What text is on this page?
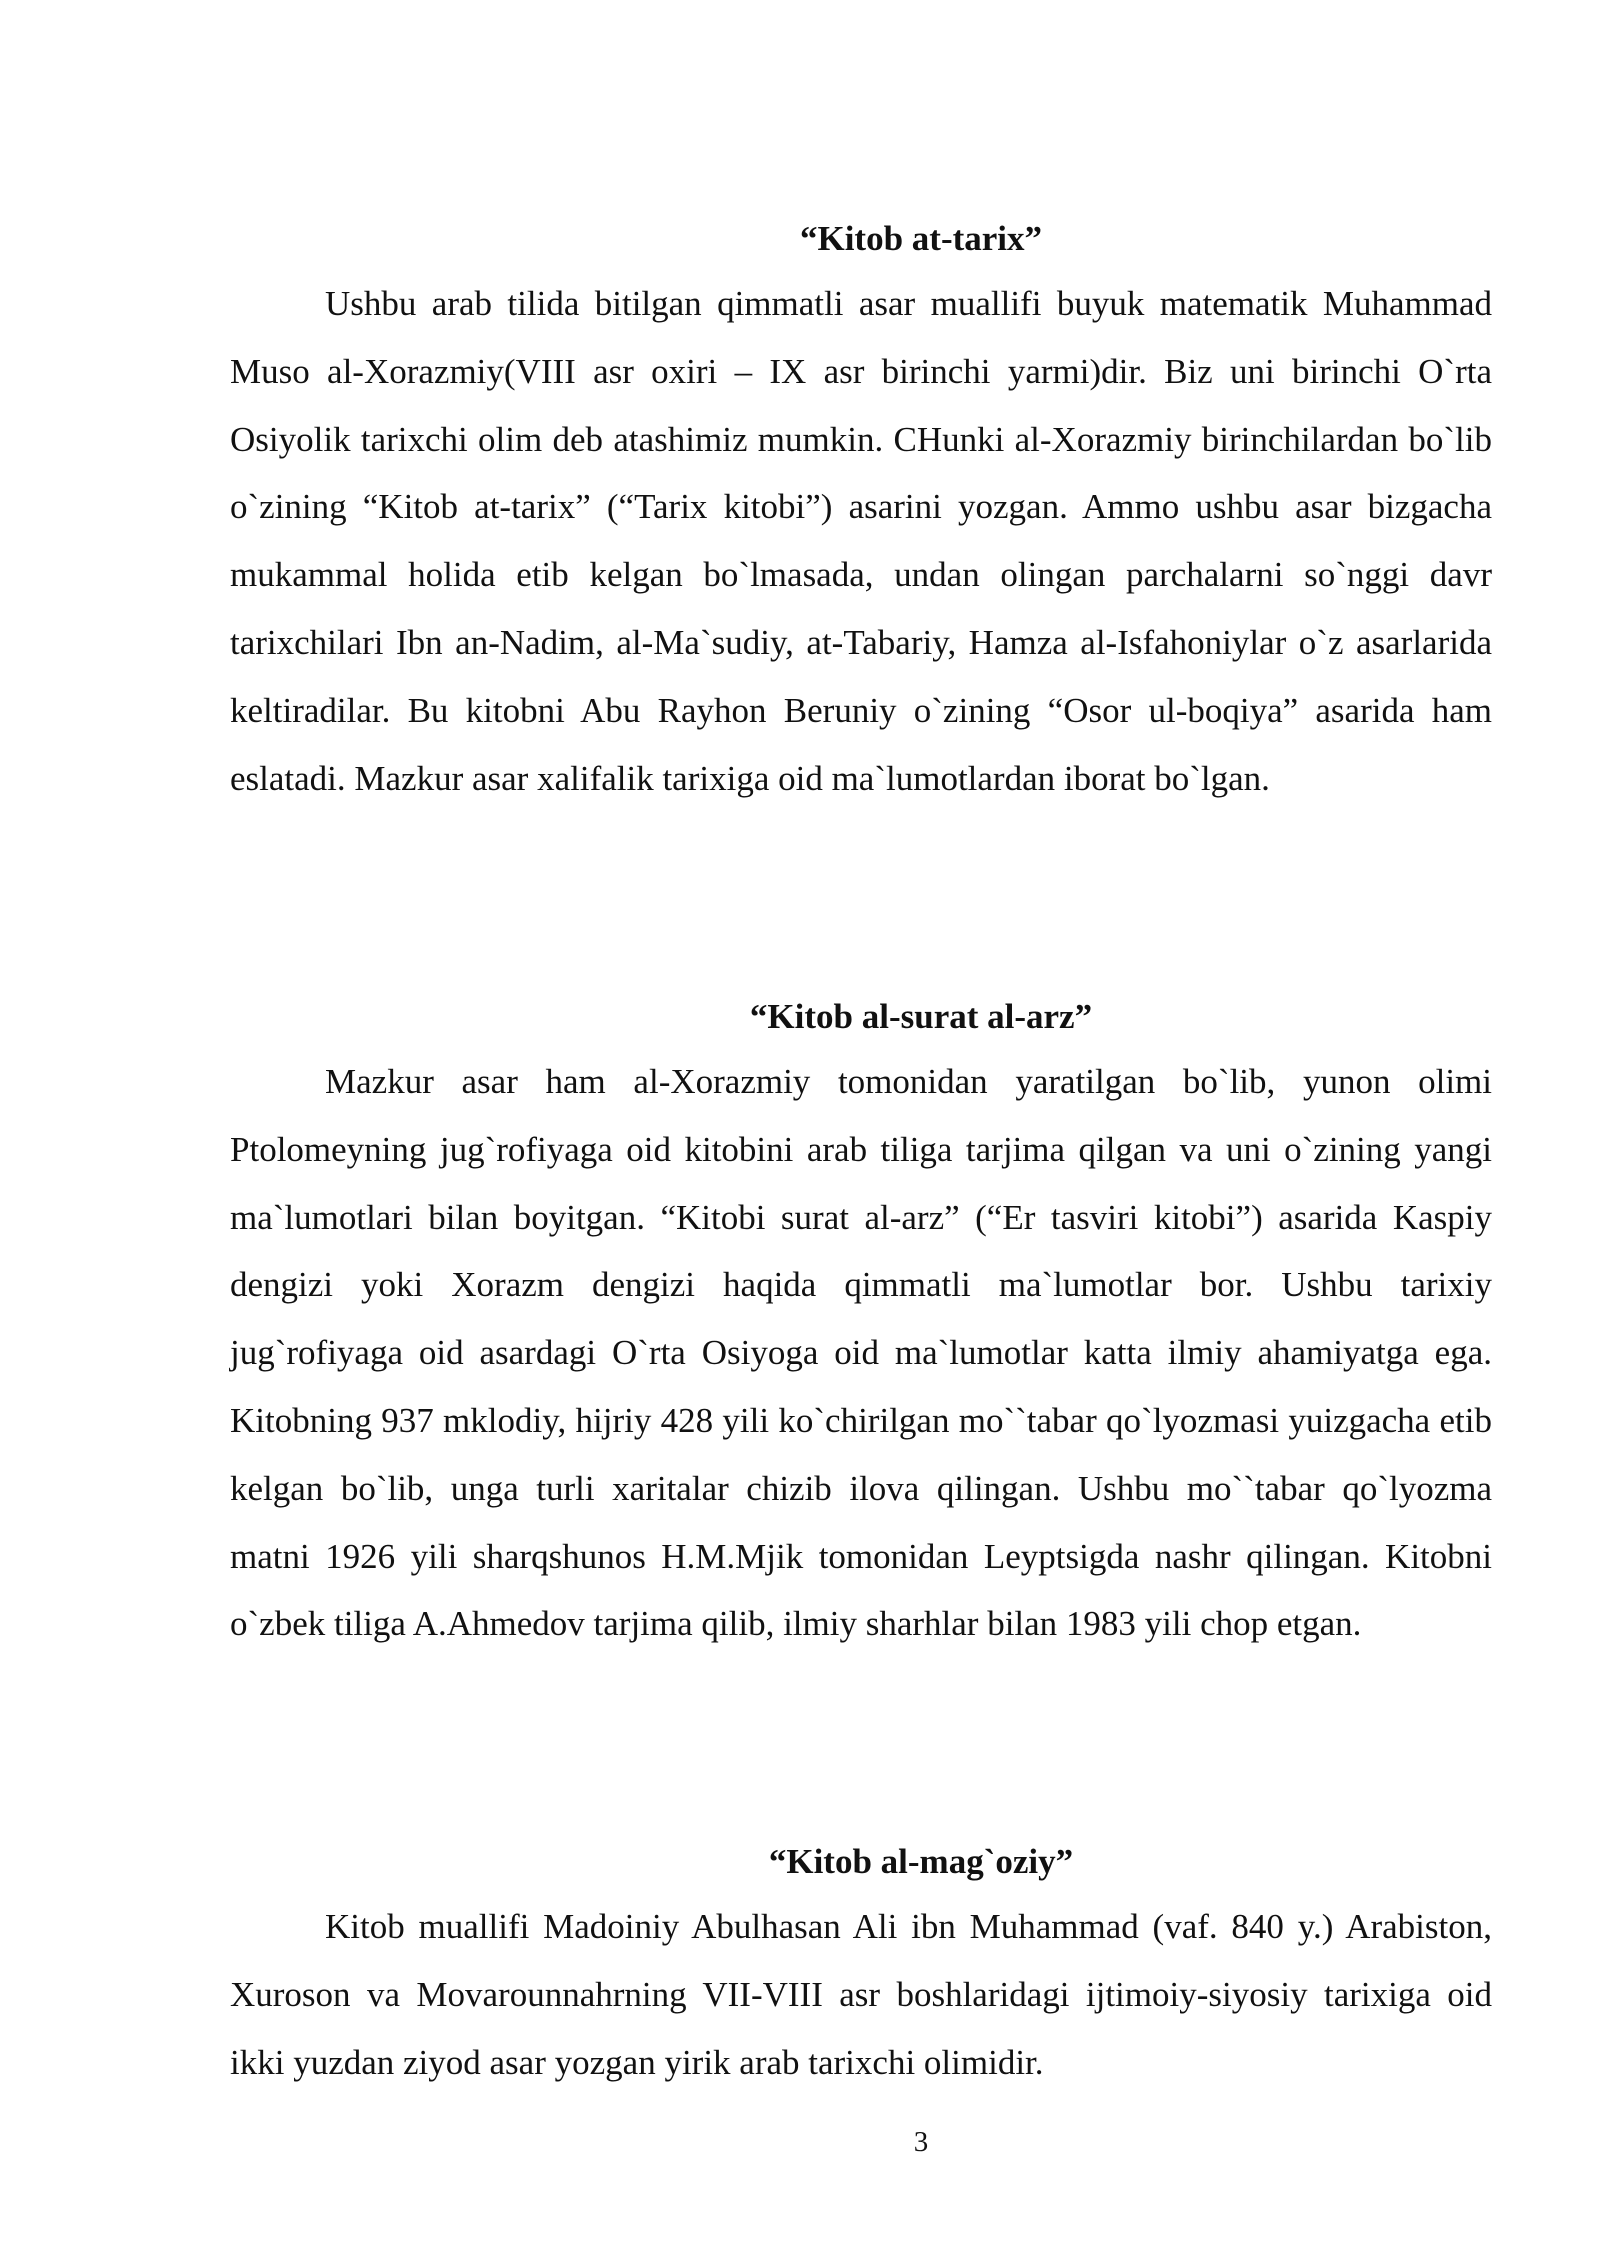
“Kitob at-tarix”

Ushbu arab tilida bitilgan qimmatli asar muallifi buyuk matematik Muhammad Muso al-Xorazmiy(VIII asr oxiri – IX asr birinchi yarmi)dir. Biz uni birinchi O`rta Osiyolik tarixchi olim deb atashimiz mumkin. CHunki al-Xorazmiy birinchilardan bo`lib o`zining “Kitob at-tarix” (“Tarix kitobi”) asarini yozgan. Ammo ushbu asar bizgacha mukammal holida etib kelgan bo`lmasada, undan olingan parchalarni so`nggi davr tarixchilari Ibn an-Nadim, al-Ma`sudiy, at-Tabariy, Hamza al-Isfahoniylar o`z asarlarida keltiradilar. Bu kitobni Abu Rayhon Beruniy o`zining “Osor ul-boqiya” asarida ham eslatadi. Mazkur asar xalifalik tarixiga oid ma`lumotlardan iborat bo`lgan.

“Kitob al-surat al-arz”

Mazkur asar ham al-Xorazmiy tomonidan yaratilgan bo`lib, yunon olimi Ptolomeyning jug`rofiyaga oid kitobini arab tiliga tarjima qilgan va uni o`zining yangi ma`lumotlari bilan boyitgan. “Kitobi surat al-arz” (“Er tasviri kitobi”) asarida Kaspiy dengizi yoki Xorazm dengizi haqida qimmatli ma`lumotlar bor. Ushbu tarixiy jug`rofiyaga oid asardagi O`rta Osiyoga oid ma`lumotlar katta ilmiy ahamiyatga ega. Kitobning 937 mklodiy, hijriy 428 yili ko`chirilgan mo``tabar qo`lyozmasi yuizgacha etib kelgan bo`lib, unga turli xaritalar chizib ilova qilingan. Ushbu mo``tabar qo`lyozma matni 1926 yili sharqshunos H.M.Mjik tomonidan Leyptsigda nashr qilingan. Kitobni o`zbek tiliga A.Ahmedov tarjima qilib, ilmiy sharhlar bilan 1983 yili chop etgan.

“Kitob al-mag`oziy”

Kitob muallifi Madoiniy Abulhasan Ali ibn Muhammad (vaf. 840 y.) Arabiston, Xuroson va Movarounnahrning VII-VIII asr boshlaridagi ijtimoiy-siyosiy tarixiga oid ikki yuzdan ziyod asar yozgan yirik arab tarixchi olimidir.

3
